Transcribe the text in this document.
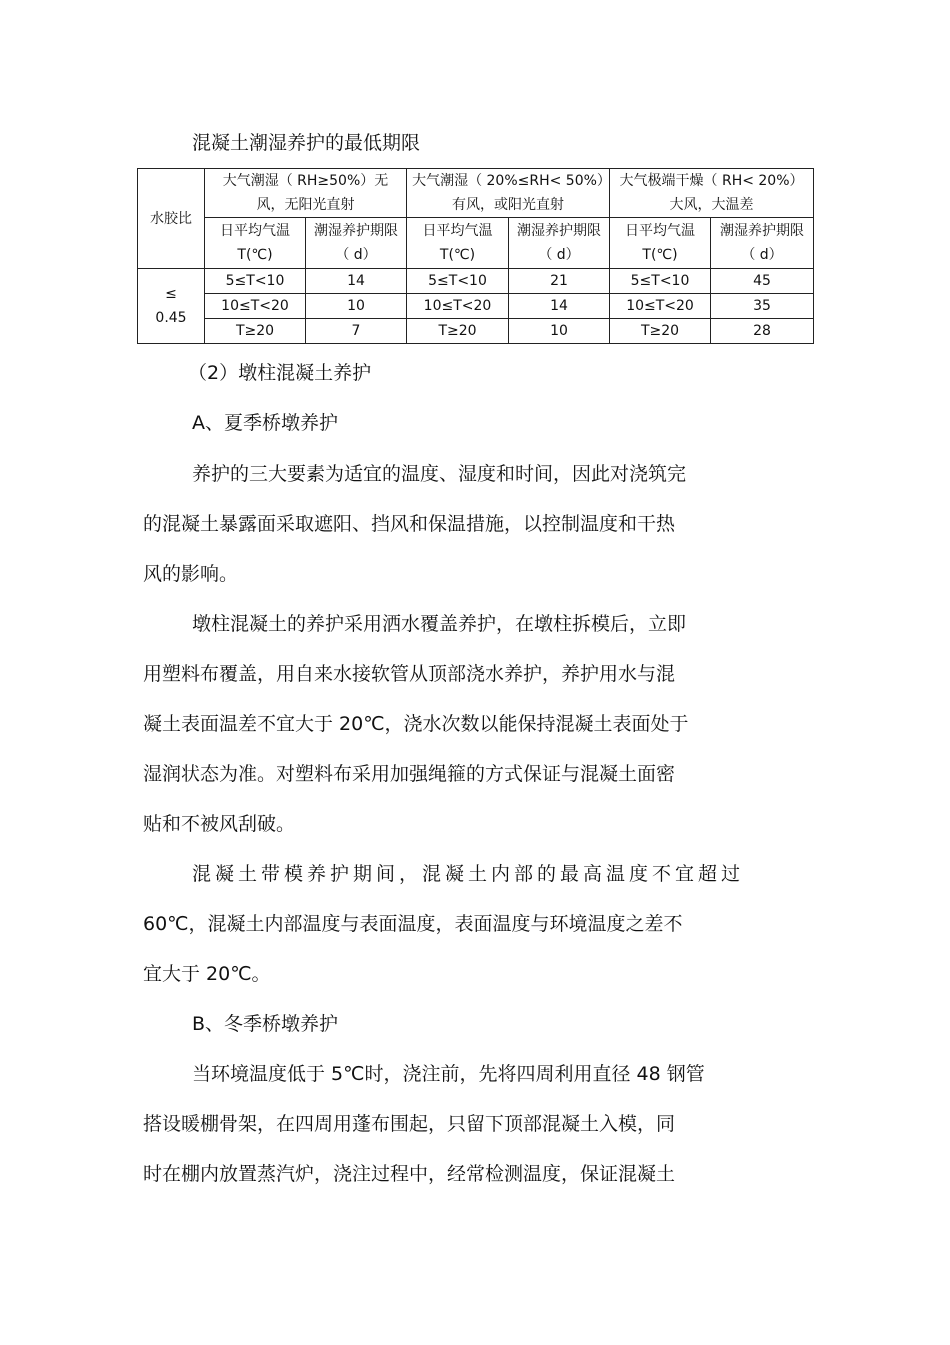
混凝土潮湿养护的最低期限
水胶比	大气潮湿（ RH≥50%）无风，无阳光直射		大气潮湿（ 20%≤RH< 50%）有风，或阳光直射		大气极端干燥（ RH< 20%）大风，大温差	

	日平均气温 T(℃)	潮湿养护期限（ d）	日平均气温 T(℃)	潮湿养护期限（ d）	日平均气温 T(℃)	潮湿养护期限（ d）

≤ 0.45	5≤T<10	14	5≤T<10	21	5≤T<10	45
	10≤T<20	10	10≤T<20	14	10≤T<20	35
	T≥20	7	T≥20	10	T≥20	28
（2）墩柱混凝土养护
A、夏季桥墩养护
养护的三大要素为适宜的温度、湿度和时间，因此对浇筑完
的混凝土暴露面采取遮阳、挡风和保温措施，以控制温度和干热
风的影响。
墩柱混凝土的养护采用洒水覆盖养护，在墩柱拆模后，立即
用塑料布覆盖，用自来水接软管从顶部浇水养护，养护用水与混
凝土表面温差不宜大于 20℃，浇水次数以能保持混凝土表面处于
湿润状态为准。对塑料布采用加强绳箍的方式保证与混凝土面密
贴和不被风刮破。
混凝土带模养护期间，混凝土内部的最高温度不宜超过
60℃，混凝土内部温度与表面温度，表面温度与环境温度之差不
宜大于 20℃。
B、冬季桥墩养护
当环境温度低于 5℃时，浇注前，先将四周利用直径 48 钢管
搭设暖棚骨架，在四周用蓬布围起，只留下顶部混凝土入模，同
时在棚内放置蒸汽炉，浇注过程中，经常检测温度，保证混凝土
